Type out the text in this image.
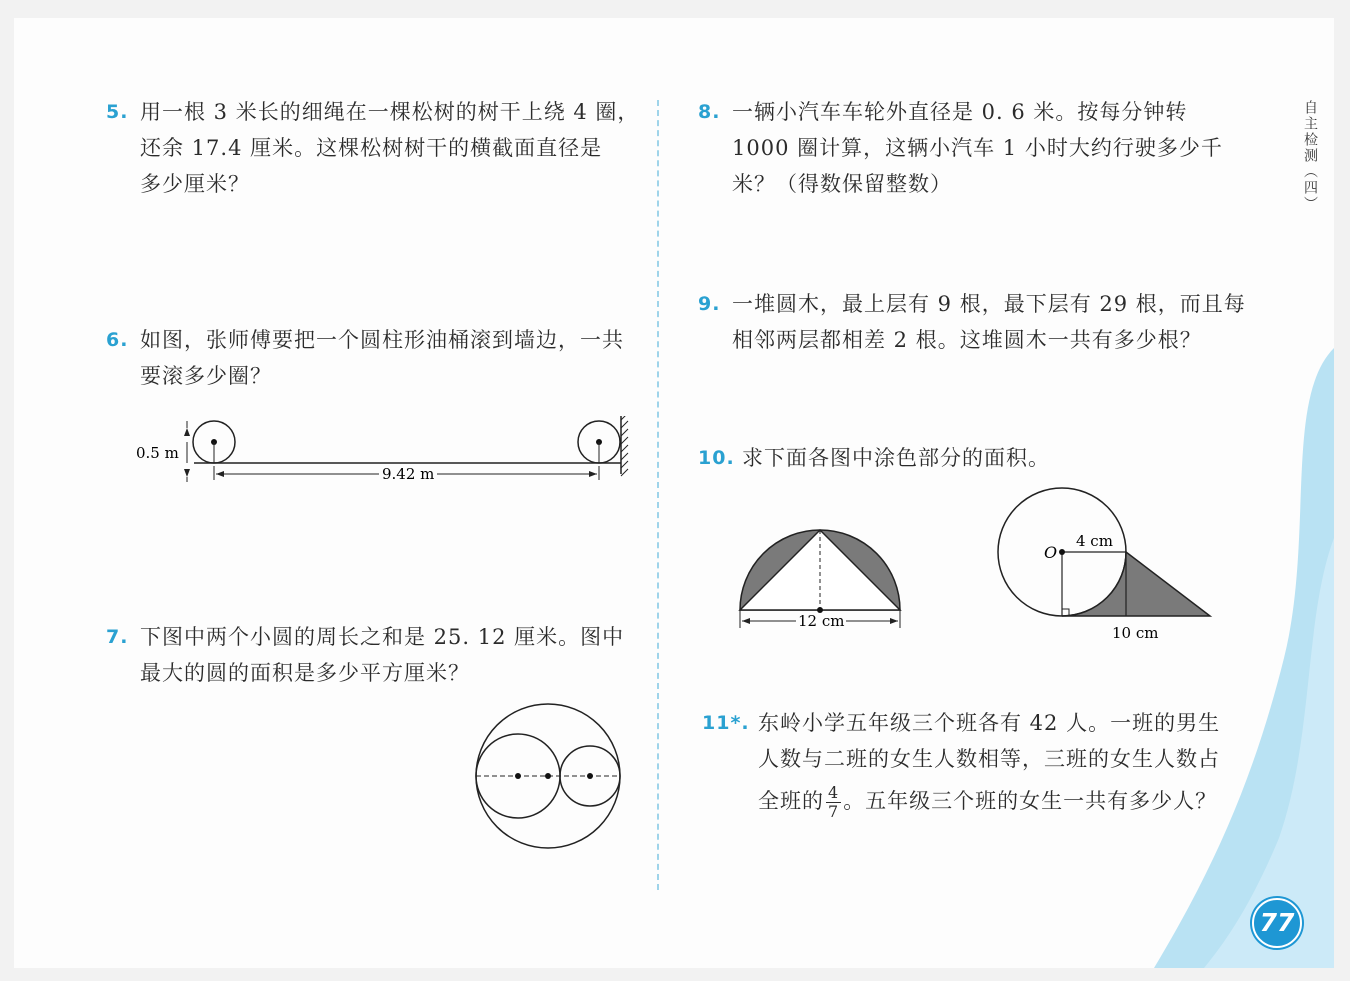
5. 用一根 3 米长的细绳在一棵松树的树干上绕 4 圈，
还余 17.4 厘米。这棵松树树干的横截面直径是
多少厘米？
6. 如图，张师傅要把一个圆柱形油桶滚到墙边，一共
要滚多少圈？
0.5 m
9.42 m
7. 下图中两个小圆的周长之和是 25. 12 厘米。图中
最大的圆的面积是多少平方厘米？
8. 一辆小汽车车轮外直径是 0. 6 米。按每分钟转
1000 圈计算，这辆小汽车 1 小时大约行驶多少千
米？（得数保留整数）
9. 一堆圆木，最上层有 9 根，最下层有 29 根，而且每
相邻两层都相差 2 根。这堆圆木一共有多少根？
10. 求下面各图中涂色部分的面积。
12 cm
O
4 cm
10 cm
11*. 东岭小学五年级三个班各有 42 人。一班的男生
人数与二班的女生人数相等，三班的女生人数占
全班的 $\frac{4}{7}$ 。五年级三个班的女生一共有多少人？
自主检测（四）
77
